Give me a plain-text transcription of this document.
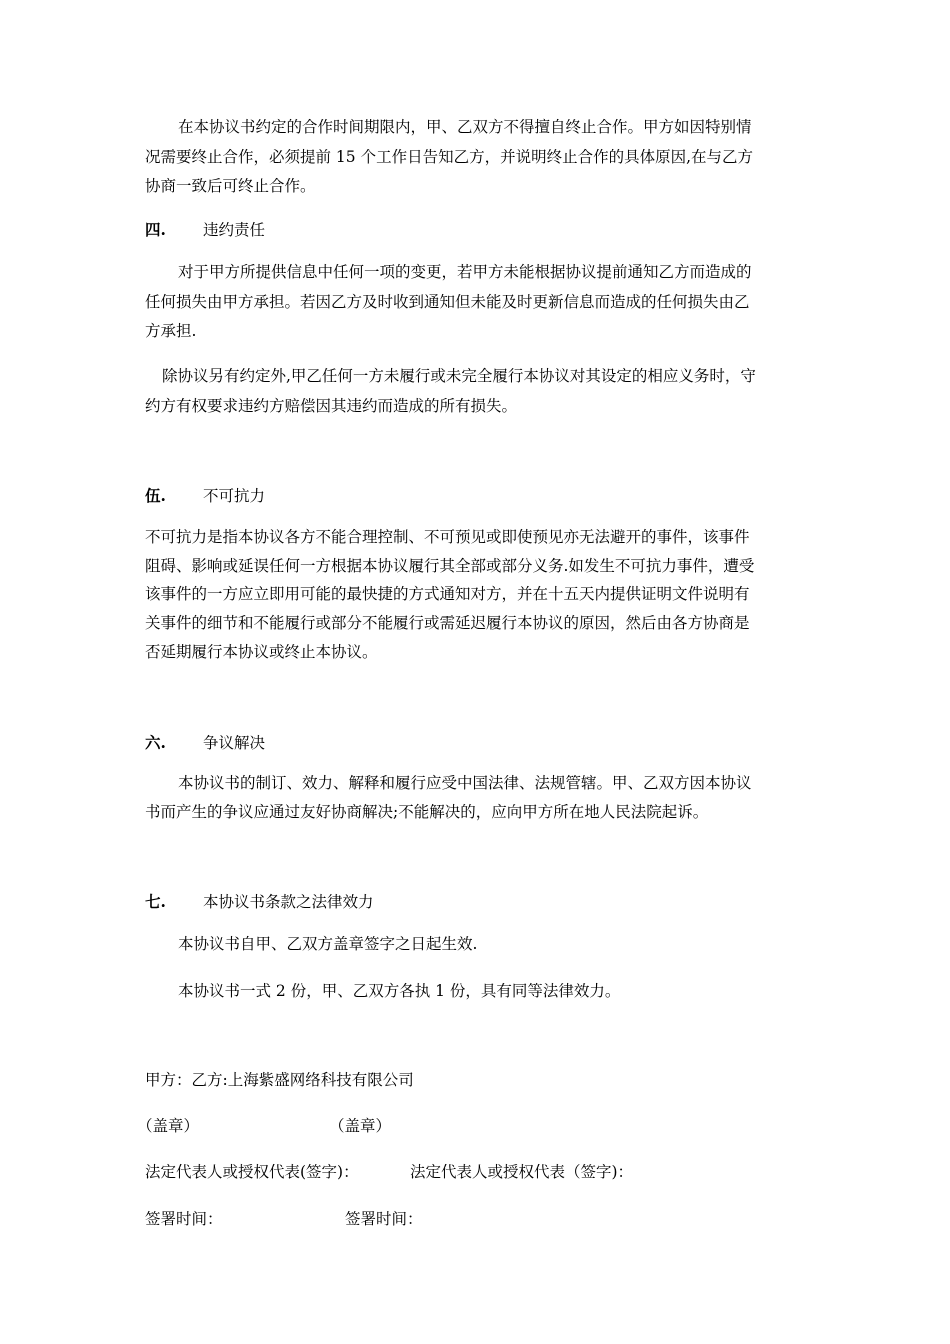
在本协议书约定的合作时间期限内，甲、乙双方不得擅自终止合作。甲方如因特别情
况需要终止合作，必须提前 15 个工作日告知乙方，并说明终止合作的具体原因,在与乙方
协商一致后可终止合作。
四. 违约责任
对于甲方所提供信息中任何一项的变更，若甲方未能根据协议提前通知乙方而造成的
任何损失由甲方承担。若因乙方及时收到通知但未能及时更新信息而造成的任何损失由乙
方承担.
除协议另有约定外,甲乙任何一方未履行或未完全履行本协议对其设定的相应义务时，守
约方有权要求违约方赔偿因其违约而造成的所有损失。
伍. 不可抗力
不可抗力是指本协议各方不能合理控制、不可预见或即使预见亦无法避开的事件，该事件
阻碍、影响或延误任何一方根据本协议履行其全部或部分义务.如发生不可抗力事件，遭受
该事件的一方应立即用可能的最快捷的方式通知对方，并在十五天内提供证明文件说明有
关事件的细节和不能履行或部分不能履行或需延迟履行本协议的原因，然后由各方协商是
否延期履行本协议或终止本协议。
六. 争议解决
本协议书的制订、效力、解释和履行应受中国法律、法规管辖。甲、乙双方因本协议
书而产生的争议应通过友好协商解决;不能解决的，应向甲方所在地人民法院起诉。
七. 本协议书条款之法律效力
本协议书自甲、乙双方盖章签字之日起生效.
本协议书一式 2 份，甲、乙双方各执 1 份，具有同等法律效力。
甲方：乙方:上海紫盛网络科技有限公司
（盖章）	（盖章）
法定代表人或授权代表(签字)：	法定代表人或授权代表（签字)：
签署时间：	签署时间：
